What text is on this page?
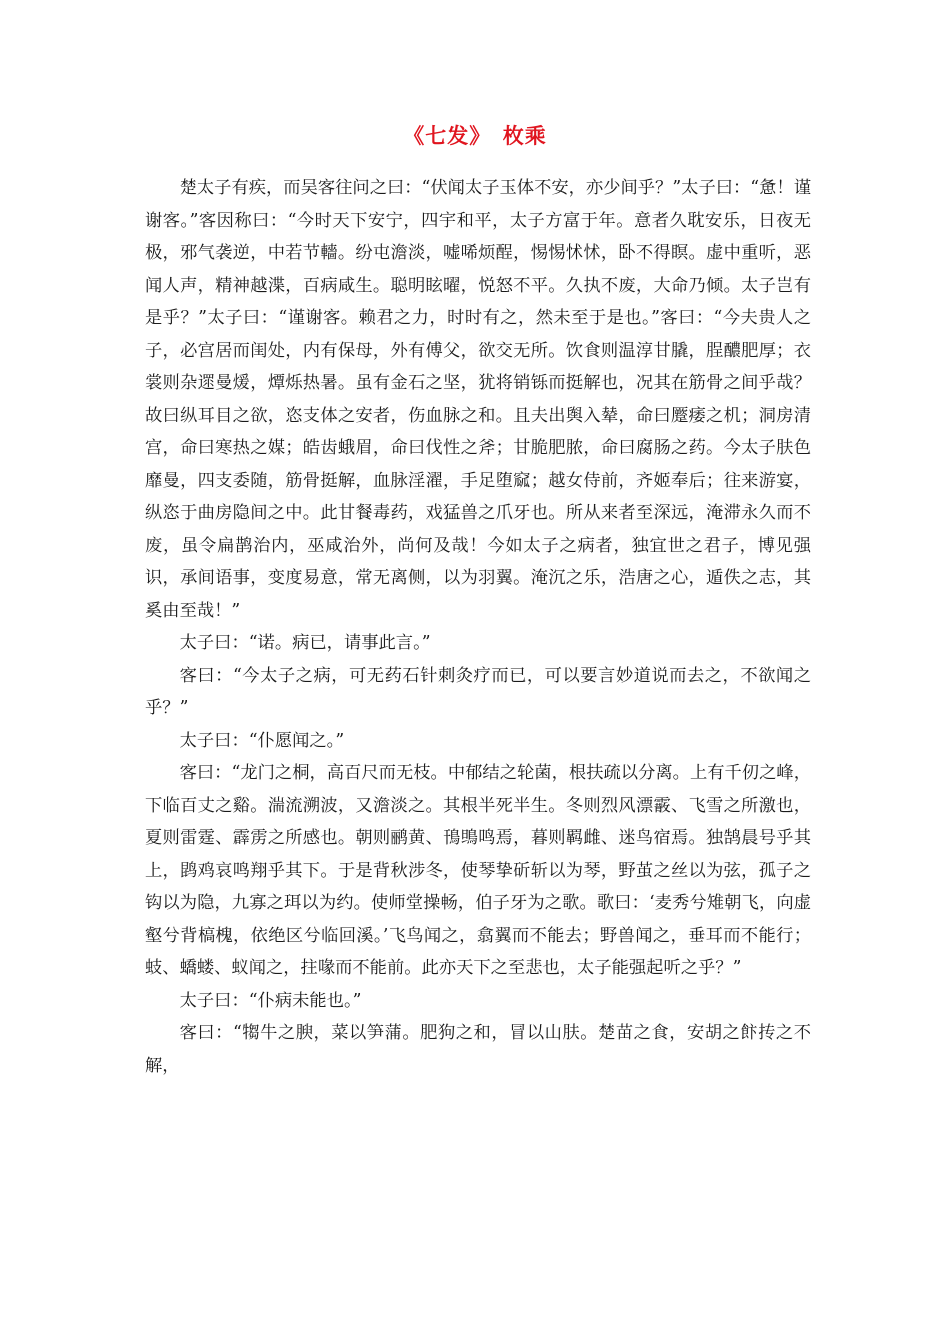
《七发》　枚乘

楚太子有疾，而吴客往问之曰：“伏闻太子玉体不安，亦少间乎？”太子曰：“惫！谨谢客。”客因称曰：“今时天下安宁，四宇和平，太子方富于年。意者久耽安乐，日夜无极，邪气袭逆，中若节轖。纷屯澹淡，嘘唏烦酲，惕惕怵怵，卧不得瞑。虚中重听，恶闻人声，精神越渫，百病咸生。聪明眩曜，悦怒不平。久执不废，大命乃倾。太子岂有是乎？”太子曰：“谨谢客。赖君之力，时时有之，然未至于是也。”客曰：“今夫贵人之子，必宫居而闺处，内有保母，外有傅父，欲交无所。饮食则温淳甘膬，脭醲肥厚；衣裳则杂遝曼煖，燂烁热暑。虽有金石之坚，犹将销铄而挺解也，况其在筋骨之间乎哉？故曰纵耳目之欲，恣支体之安者，伤血脉之和。且夫出舆入辇，命曰蹷痿之机；洞房清宫，命曰寒热之媒；皓齿蛾眉，命曰伐性之斧；甘脆肥脓，命曰腐肠之药。今太子肤色靡曼，四支委随，筋骨挺解，血脉淫濯，手足堕窳；越女侍前，齐姬奉后；往来游宴，纵恣于曲房隐间之中。此甘餐毒药，戏猛兽之爪牙也。所从来者至深远，淹滞永久而不废，虽令扁鹊治内，巫咸治外，尚何及哉！今如太子之病者，独宜世之君子，博见强识，承间语事，变度易意，常无离侧，以为羽翼。淹沉之乐，浩唐之心，遁佚之志，其奚由至哉！”

太子曰：“诺。病已，请事此言。”

客曰：“今太子之病，可无药石针刺灸疗而已，可以要言妙道说而去之，不欲闻之乎？”

太子曰：“仆愿闻之。”

客曰：“龙门之桐，高百尺而无枝。中郁结之轮菌，根扶疏以分离。上有千仞之峰，下临百丈之谿。湍流溯波，又澹淡之。其根半死半生。冬则烈风漂霰、飞雪之所激也，夏则雷霆、霹雳之所感也。朝则鹂黄、鳱鴠鸣焉，暮则羁雌、迷鸟宿焉。独鹄晨号乎其上，鹍鸡哀鸣翔乎其下。于是背秋涉冬，使琴挚斫斩以为琴，野茧之丝以为弦，孤子之钩以为隐，九寡之珥以为约。使师堂操畅，伯子牙为之歌。歌曰：‘麦秀兮雉朝飞，向虚壑兮背槁槐，依绝区兮临回溪。’飞鸟闻之，翕翼而不能去；野兽闻之，垂耳而不能行；蚑、蟜蝼、蚁闻之，拄喙而不能前。此亦天下之至悲也，太子能强起听之乎？”

太子曰：“仆病未能也。”

客曰：“犓牛之腴，菜以笋蒲。肥狗之和，冒以山肤。楚苗之食，安胡之飰抟之不解，
